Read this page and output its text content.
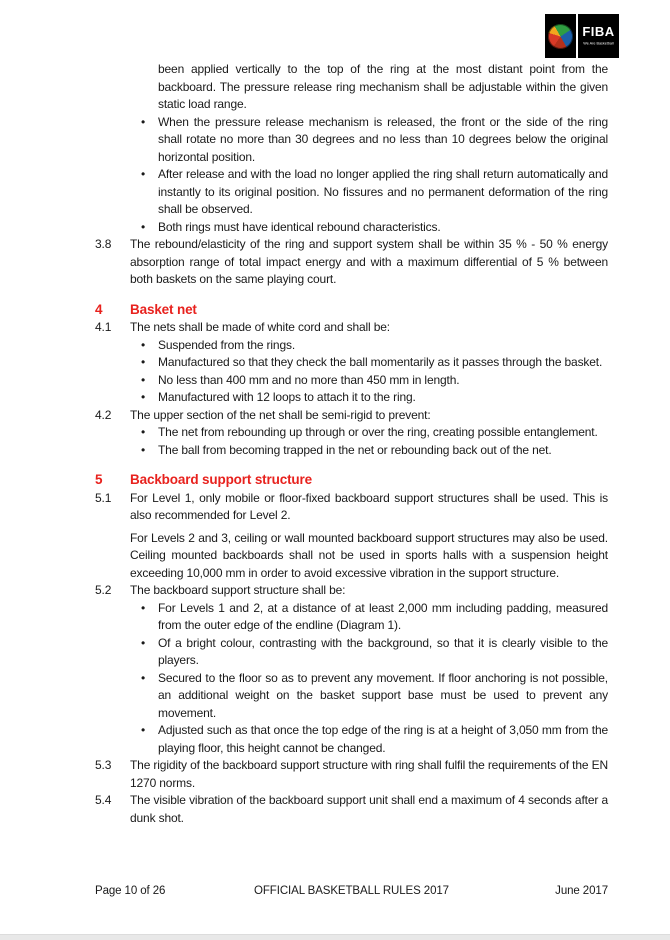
FIBA
We Are Basketball
been applied vertically to the top of the ring at the most distant point from the backboard. The pressure release ring mechanism shall be adjustable within the given static load range.
• When the pressure release mechanism is released, the front or the side of the ring shall rotate no more than 30 degrees and no less than 10 degrees below the original horizontal position.
• After release and with the load no longer applied the ring shall return automatically and instantly to its original position. No fissures and no permanent deformation of the ring shall be observed.
• Both rings must have identical rebound characteristics.
3.8	The rebound/elasticity of the ring and support system shall be within 35 % - 50 % energy absorption range of total impact energy and with a maximum differential of 5 % between both baskets on the same playing court.
4	Basket net
4.1	The nets shall be made of white cord and shall be:
• Suspended from the rings.
• Manufactured so that they check the ball momentarily as it passes through the basket.
• No less than 400 mm and no more than 450 mm in length.
• Manufactured with 12 loops to attach it to the ring.
4.2	The upper section of the net shall be semi-rigid to prevent:
• The net from rebounding up through or over the ring, creating possible entanglement.
• The ball from becoming trapped in the net or rebounding back out of the net.
5	Backboard support structure
5.1	For Level 1, only mobile or floor-fixed backboard support structures shall be used. This is also recommended for Level 2.
For Levels 2 and 3, ceiling or wall mounted backboard support structures may also be used. Ceiling mounted backboards shall not be used in sports halls with a suspension height exceeding 10,000 mm in order to avoid excessive vibration in the support structure.
5.2	The backboard support structure shall be:
• For Levels 1 and 2, at a distance of at least 2,000 mm including padding, measured from the outer edge of the endline (Diagram 1).
• Of a bright colour, contrasting with the background, so that it is clearly visible to the players.
• Secured to the floor so as to prevent any movement. If floor anchoring is not possible, an additional weight on the basket support base must be used to prevent any movement.
• Adjusted such as that once the top edge of the ring is at a height of 3,050 mm from the playing floor, this height cannot be changed.
5.3	The rigidity of the backboard support structure with ring shall fulfil the requirements of the EN 1270 norms.
5.4	The visible vibration of the backboard support unit shall end a maximum of 4 seconds after a dunk shot.
Page 10 of 26	OFFICIAL BASKETBALL RULES 2017	June 2017
